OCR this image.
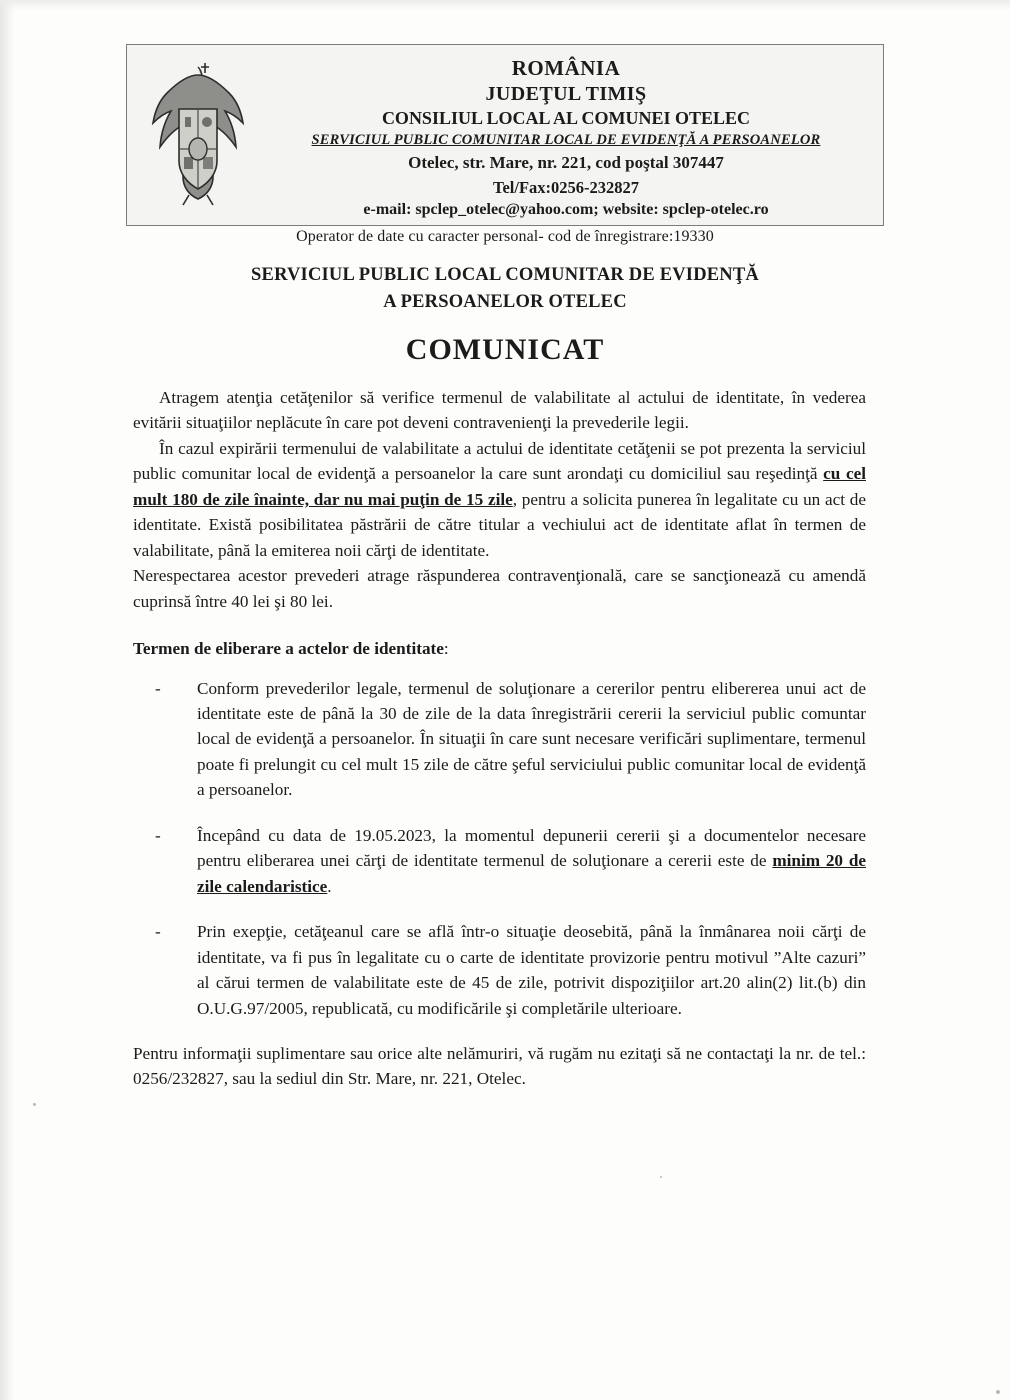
ROMÂNIA
JUDEŢUL TIMIŞ
CONSILIUL LOCAL AL COMUNEI OTELEC
SERVICIUL PUBLIC COMUNITAR LOCAL DE EVIDENŢĂ A PERSOANELOR
Otelec, str. Mare, nr. 221, cod poştal 307447
Tel/Fax:0256-232827
e-mail: spclep_otelec@yahoo.com; website: spclep-otelec.ro
Operator de date cu caracter personal- cod de înregistrare:19330
SERVICIUL PUBLIC LOCAL COMUNITAR DE EVIDENŢĂ
A PERSOANELOR OTELEC
COMUNICAT

Atragem atenţia cetăţenilor să verifice termenul de valabilitate al actului de identitate, în vederea evitării situaţiilor neplăcute în care pot deveni contravenienţi la prevederile legii.

În cazul expirării termenului de valabilitate a actului de identitate cetăţenii se pot prezenta la serviciul public comunitar local de evidenţă a persoanelor la care sunt arondaţi cu domiciliul sau reşedinţă cu cel mult 180 de zile înainte, dar nu mai puţin de 15 zile, pentru a solicita punerea în legalitate cu un act de identitate. Există posibilitatea păstrării de către titular a vechiului act de identitate aflat în termen de valabilitate, până la emiterea noii cărţi de identitate.

Nerespectarea acestor prevederi atrage răspunderea contravenţională, care se sancţionează cu amendă cuprinsă între 40 lei şi 80 lei.

Termen de eliberare a actelor de identitate:

- Conform prevederilor legale, termenul de soluţionare a cererilor pentru elibererea unui act de identitate este de până la 30 de zile de la data înregistrării cererii la serviciul public comuntar local de evidenţă a persoanelor. În situaţii în care sunt necesare verificări suplimentare, termenul poate fi prelungit cu cel mult 15 zile de către şeful serviciului public comunitar local de evidenţă a persoanelor.
- Începând cu data de 19.05.2023, la momentul depunerii cererii şi a documentelor necesare pentru eliberarea unei cărţi de identitate termenul de soluţionare a cererii este de minim 20 de zile calendaristice.
- Prin exepţie, cetăţeanul care se află într-o situaţie deosebită, până la înmânarea noii cărţi de identitate, va fi pus în legalitate cu o carte de identitate provizorie pentru motivul ”Alte cazuri” al cărui termen de valabilitate este de 45 de zile, potrivit dispoziţiilor art.20 alin(2) lit.(b) din O.U.G.97/2005, republicată, cu modificările şi completările ulterioare.

Pentru informaţii suplimentare sau orice alte nelămuriri, vă rugăm nu ezitaţi să ne contactaţi la nr. de tel.: 0256/232827, sau la sediul din Str. Mare, nr. 221, Otelec.
